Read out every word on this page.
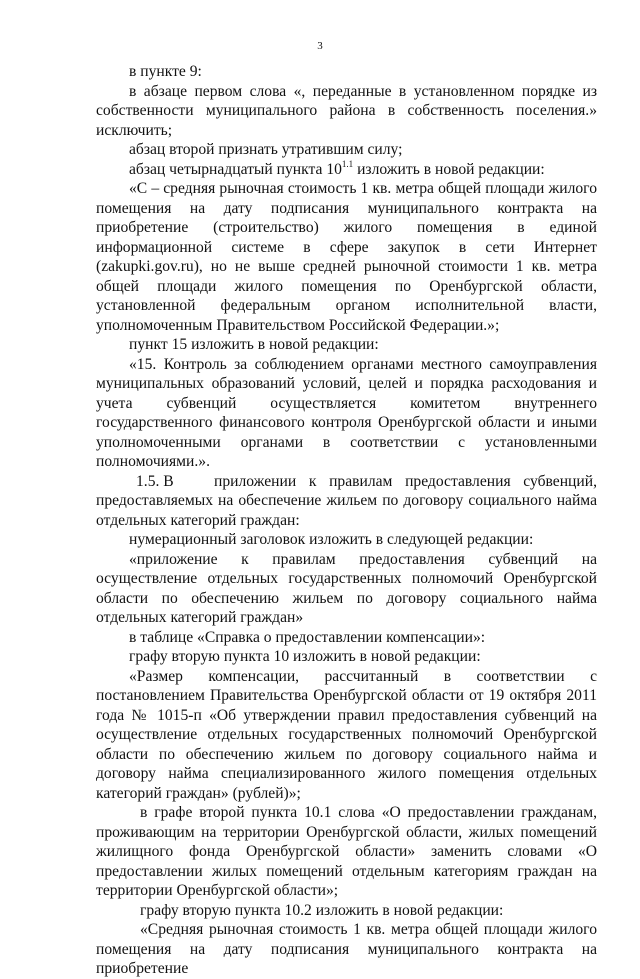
3

в пункте 9:

в абзаце первом слова «, переданные в установленном порядке из собственности муниципального района в собственность поселения.» исключить;

абзац второй признать утратившим силу;

абзац четырнадцатый пункта $10^{1.1}$ изложить в новой редакции:

«С – средняя рыночная стоимость 1 кв. метра общей площади жилого помещения на дату подписания муниципального контракта на приобретение (строительство) жилого помещения в единой информационной системе в сфере закупок в сети Интернет (zakupki.gov.ru), но не выше средней рыночной стоимости 1 кв. метра общей площади жилого помещения по Оренбургской области, установленной федеральным органом исполнительной власти, уполномоченным Правительством Российской Федерации.»;

пункт 15 изложить в новой редакции:

«15. Контроль за соблюдением органами местного самоуправления муниципальных образований условий, целей и порядка расходования и учета субвенций осуществляется комитетом внутреннего государственного финансового контроля Оренбургской области и иными уполномоченными органами в соответствии с установленными полномочиями.».

1.5. В	приложении к правилам предоставления субвенций, предоставляемых на обеспечение жильем по договору социального найма отдельных категорий граждан:

нумерационный заголовок изложить в следующей редакции:

«приложение к правилам предоставления субвенций на осуществление отдельных государственных полномочий Оренбургской области по обеспечению жильем по договору социального найма отдельных категорий граждан»

в таблице «Справка о предоставлении компенсации»:

графу вторую пункта 10 изложить в новой редакции:

«Размер компенсации, рассчитанный в соответствии с постановлением Правительства Оренбургской области от 19 октября 2011 года № 1015-п «Об утверждении правил предоставления субвенций на осуществление отдельных государственных полномочий Оренбургской области по обеспечению жильем по договору социального найма и договору найма специализированного жилого помещения отдельных категорий граждан» (рублей)»;

в графе второй пункта 10.1 слова «О предоставлении гражданам, проживающим на территории Оренбургской области, жилых помещений жилищного фонда Оренбургской области» заменить словами «О предоставлении жилых помещений отдельным категориям граждан на территории Оренбургской области»;

графу вторую пункта 10.2 изложить в новой редакции:

«Средняя рыночная стоимость 1 кв. метра общей площади жилого помещения на дату подписания муниципального контракта на приобретение
